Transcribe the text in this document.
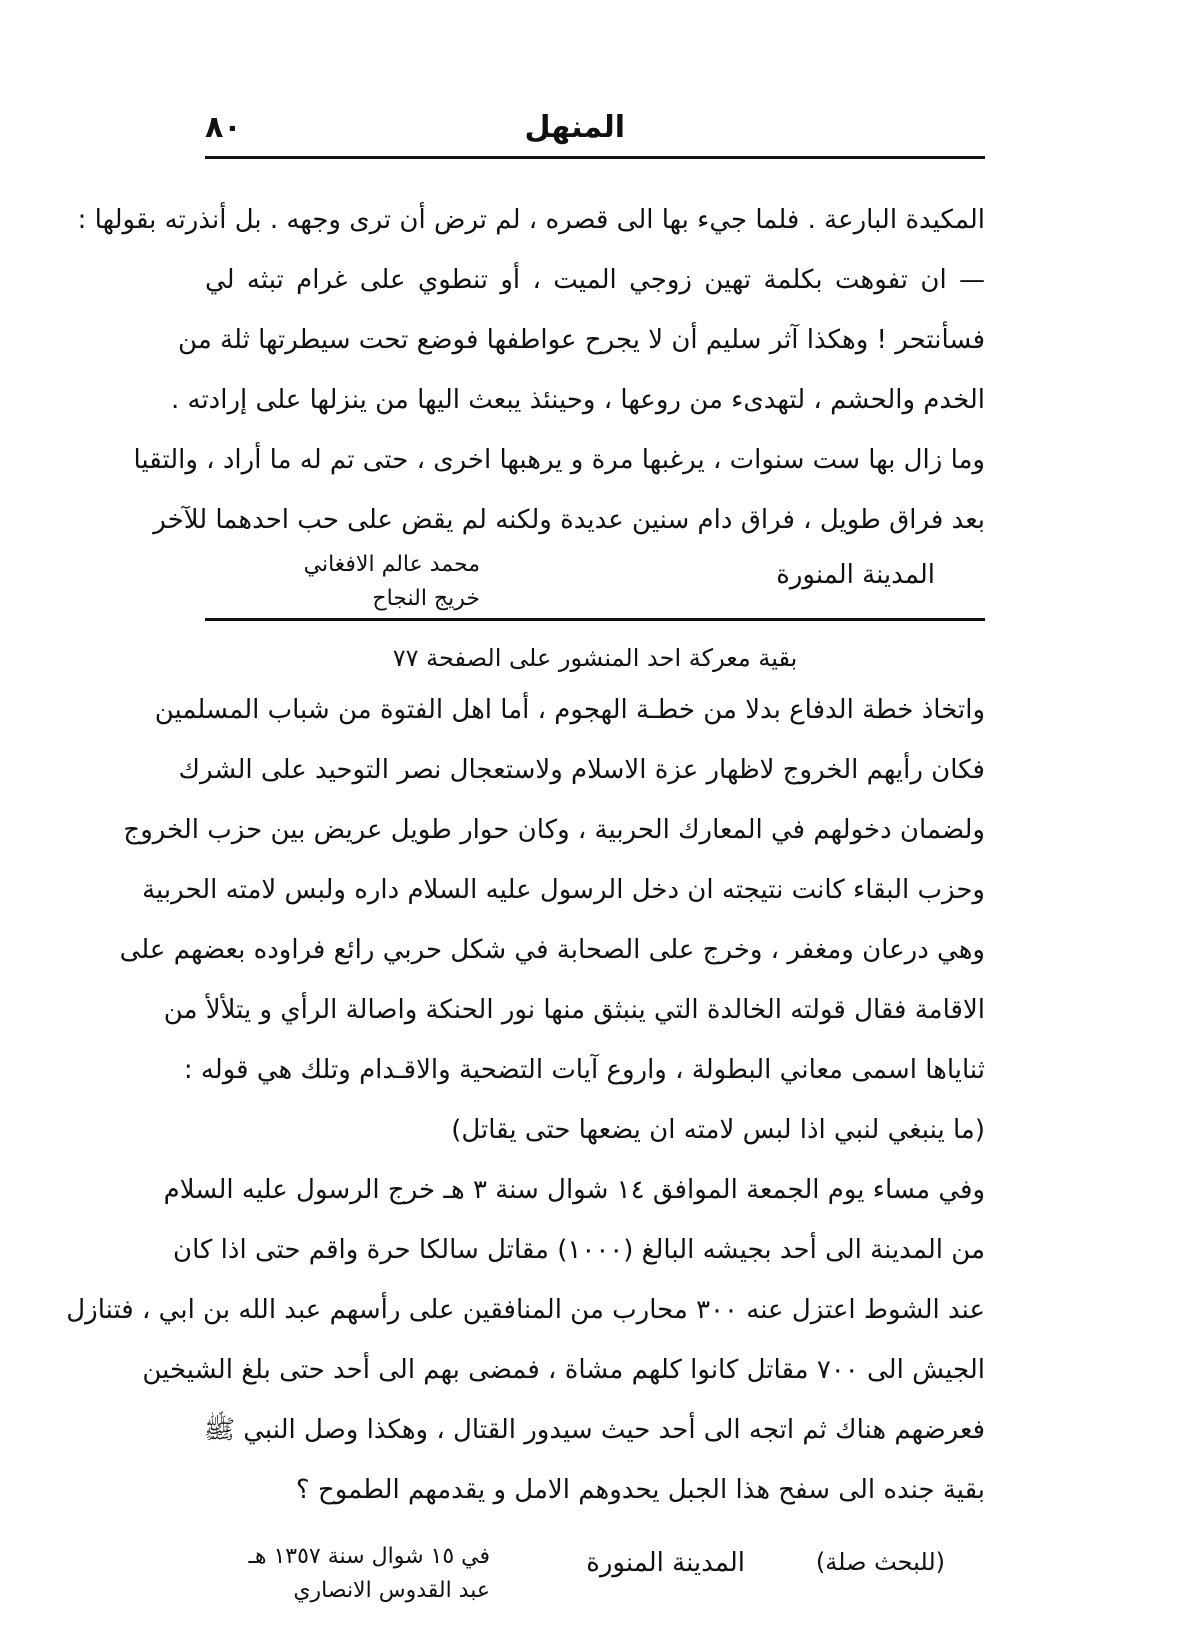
٨٠	المنهل
المكيدة البارعة . فلما جيء بها الى قصره ، لم ترض أن ترى وجهه . بل أنذرته بقولها :
— ان تفوهت بكلمة تهين زوجي الميت ، أو تنطوي على غرام تبثه لي
فسأنتحر ! وهكذا آثر سليم أن لا يجرح عواطفها فوضع تحت سيطرتها ثلة من
الخدم والحشم ، لتهدىء من روعها ، وحينئذ يبعث اليها من ينزلها على إرادته .
وما زال بها ست سنوات ، يرغبها مرة و يرهبها اخرى ، حتى تم له ما أراد ، والتقيا
بعد فراق طويل ، فراق دام سنين عديدة ولكنه لم يقض على حب احدهما للآخر
المدينة المنورة
محمد عالم الافغاني
خريج النجاح
بقية معركة احد المنشور على الصفحة ٧٧
واتخاذ خطة الدفاع بدلا من خطـة الهجوم ، أما اهل الفتوة من شباب المسلمين
فكان رأيهم الخروج لاظهار عزة الاسلام ولاستعجال نصر التوحيد على الشرك
ولضمان دخولهم في المعارك الحربية ، وكان حوار طويل عريض بين حزب الخروج
وحزب البقاء كانت نتيجته ان دخل الرسول عليه السلام داره ولبس لامته الحربية
وهي درعان ومغفر ، وخرج على الصحابة في شكل حربي رائع فراوده بعضهم على
الاقامة فقال قولته الخالدة التي ينبثق منها نور الحنكة واصالة الرأي و يتلألأ من
ثناياها اسمى معاني البطولة ، واروع آيات التضحية والاقـدام وتلك هي قوله :
(ما ينبغي لنبي اذا لبس لامته ان يضعها حتى يقاتل)
وفي مساء يوم الجمعة الموافق ١٤ شوال سنة ٣ هـ خرج الرسول عليه السلام
من المدينة الى أحد بجيشه البالغ (١٠٠٠) مقاتل سالكا حرة واقم حتى اذا كان
عند الشوط اعتزل عنه ٣٠٠ محارب من المنافقين على رأسهم عبد الله بن ابي ، فتنازل
الجيش الى ٧٠٠ مقاتل كانوا كلهم مشاة ، فمضى بهم الى أحد حتى بلغ الشيخين
فعرضهم هناك ثم اتجه الى أحد حيث سيدور القتال ، وهكذا وصل النبي ﷺ
بقية جنده الى سفح هذا الجبل يحدوهم الامل و يقدمهم الطموح ؟
(للبحث صلة)
المدينة المنورة
في ١٥ شوال سنة ١٣٥٧ هـ
عبد القدوس الانصاري
